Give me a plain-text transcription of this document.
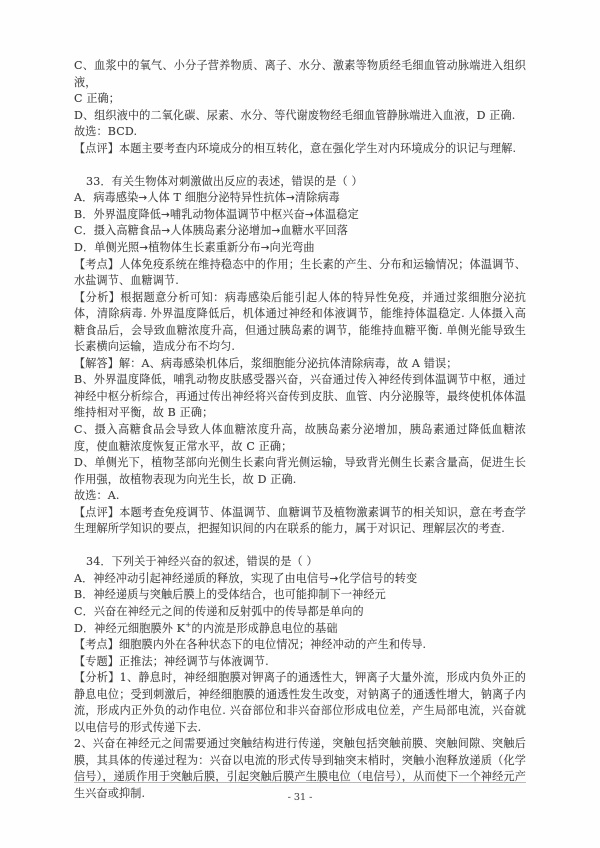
C、血浆中的氧气、小分子营养物质、离子、水分、激素等物质经毛细血管动脉端进入组织液，

C 正确；

D、组织液中的二氧化碳、尿素、水分、等代谢废物经毛细血管静脉端进入血液，D 正确.

故选：BCD.

【点评】本题主要考查内环境成分的相互转化，意在强化学生对内环境成分的识记与理解.

33．有关生物体对刺激做出反应的表述，错误的是（ ）

A．病毒感染→人体 T 细胞分泌特异性抗体→清除病毒

B．外界温度降低→哺乳动物体温调节中枢兴奋→体温稳定

C．摄入高糖食品→人体胰岛素分泌增加→血糖水平回落

D．单侧光照→植物体生长素重新分布→向光弯曲

【考点】人体免疫系统在维持稳态中的作用；生长素的产生、分布和运输情况；体温调节、水盐调节、血糖调节.

【分析】根据题意分析可知：病毒感染后能引起人体的特异性免疫，并通过浆细胞分泌抗体，清除病毒. 外界温度降低后，机体通过神经和体液调节，能维持体温稳定. 人体摄入高糖食品后，会导致血糖浓度升高，但通过胰岛素的调节，能维持血糖平衡. 单侧光能导致生长素横向运输，造成分布不均匀.

【解答】解：A、病毒感染机体后，浆细胞能分泌抗体清除病毒，故 A 错误；

B、外界温度降低，哺乳动物皮肤感受器兴奋，兴奋通过传入神经传到体温调节中枢，通过神经中枢分析综合，再通过传出神经将兴奋传到皮肤、血管、内分泌腺等，最终使机体体温维持相对平衡，故 B 正确；

C、摄入高糖食品会导致人体血糖浓度升高，故胰岛素分泌增加，胰岛素通过降低血糖浓度，使血糖浓度恢复正常水平，故 C 正确；

D、单侧光下，植物茎部向光侧生长素向背光侧运输，导致背光侧生长素含量高，促进生长作用强，故植物表现为向光生长，故 D 正确.

故选：A.

【点评】本题考查免疫调节、体温调节、血糖调节及植物激素调节的相关知识，意在考查学生理解所学知识的要点，把握知识间的内在联系的能力，属于对识记、理解层次的考查.

34．下列关于神经兴奋的叙述，错误的是（ ）

A．神经冲动引起神经递质的释放，实现了由电信号→化学信号的转变

B．神经递质与突触后膜上的受体结合，也可能抑制下一神经元

C．兴奋在神经元之间的传递和反射弧中的传导都是单向的

D．神经元细胞膜外 K+的内流是形成静息电位的基础

【考点】细胞膜内外在各种状态下的电位情况；神经冲动的产生和传导.

【专题】正推法；神经调节与体液调节.

【分析】1、静息时，神经细胞膜对钾离子的通透性大，钾离子大量外流，形成内负外正的静息电位；受到刺激后，神经细胞膜的通透性发生改变，对钠离子的通透性增大，钠离子内流，形成内正外负的动作电位. 兴奋部位和非兴奋部位形成电位差，产生局部电流，兴奋就以电信号的形式传递下去.

2、兴奋在神经元之间需要通过突触结构进行传递，突触包括突触前膜、突触间隙、突触后膜，其具体的传递过程为：兴奋以电流的形式传导到轴突末梢时，突触小泡释放递质（化学信号），递质作用于突触后膜，引起突触后膜产生膜电位（电信号），从而使下一个神经元产生兴奋或抑制.	- 31 -
